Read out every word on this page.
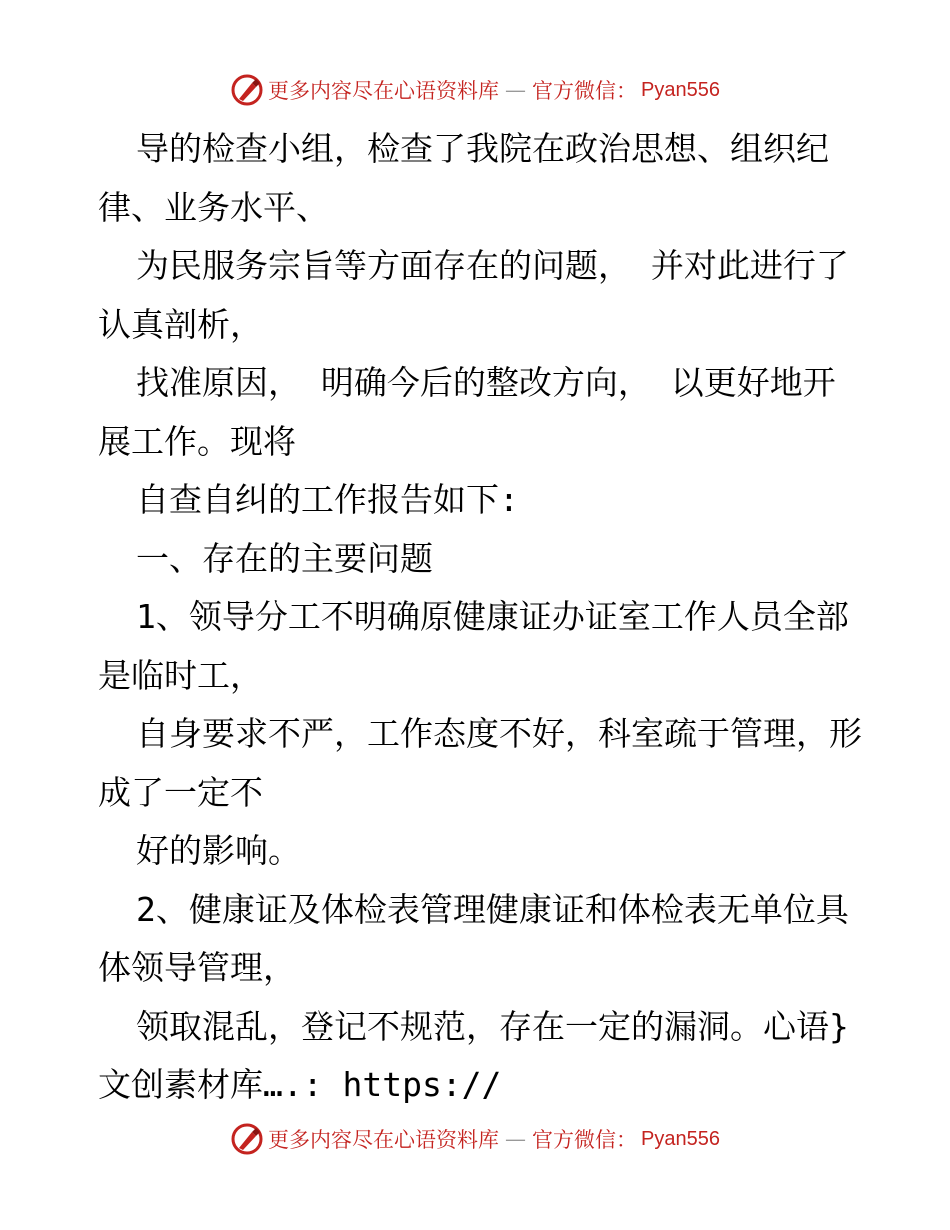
更多内容尽在心语资料库 — 官方微信： Pyan556

导的检查小组，检查了我院在政治思想、组织纪律、业务水平、

为民服务宗旨等方面存在的问题， 并对此进行了认真剖析，

找准原因， 明确今后的整改方向， 以更好地开展工作。现将

自查自纠的工作报告如下:

一、存在的主要问题

1、领导分工不明确原健康证办证室工作人员全部是临时工，

自身要求不严，工作态度不好，科室疏于管理，形成了一定不

好的影响。

2、健康证及体检表管理健康证和体检表无单位具体领导管理，

领取混乱，登记不规范，存在一定的漏洞。心语}文创素材库….: https://

更多内容尽在心语资料库 — 官方微信： Pyan556
